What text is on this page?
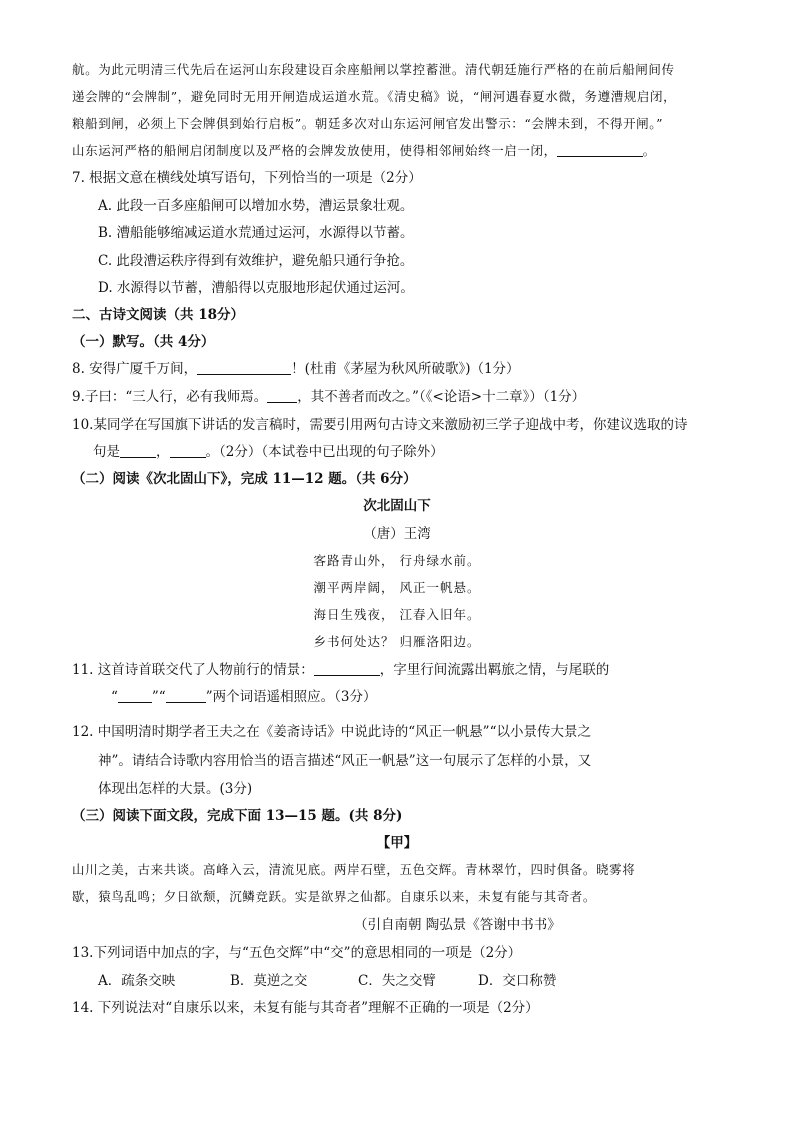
航。为此元明清三代先后在运河山东段建设百余座船闸以掌控蓄泄。清代朝廷施行严格的在前后船闸间传
递会牌的“会牌制”，避免同时无用开闸造成运道水荒。《清史稿》说，“闸河遇春夏水微，务遵漕规启闭，
粮船到闸，必须上下会牌俱到始行启板”。朝廷多次对山东运河闸官发出警示：“会牌未到，不得开闸。”
山东运河严格的船闸启闭制度以及严格的会牌发放使用，使得相邻闸始终一启一闭，	。
7. 根据文意在横线处填写语句，下列恰当的一项是（2分）
A. 此段一百多座船闸可以增加水势，漕运景象壮观。
B. 漕船能够缩减运道水荒通过运河，水源得以节蓄。
C. 此段漕运秩序得到有效维护，避免船只通行争抢。
D. 水源得以节蓄，漕船得以克服地形起伏通过运河。
二、古诗文阅读（共 18分）
（一）默写。（共 4分）
8. 安得广厦千万间，	！(杜甫《茅屋为秋风所破歌》)（1分）
9.子曰：“三人行，必有我师焉。 ，其不善者而改之。”（《<论语>十二章》）（1分）
10.某同学在写国旗下讲话的发言稿时，需要引用两句古诗文来激励初三学子迎战中考，你建议选取的诗
句是	，	。（2分）（本试卷中已出现的句子除外）
（二）阅读《次北固山下》，完成 11—12 题。（共 6分）
次北固山下
（唐）王湾
客路青山外， 行舟绿水前。
潮平两岸阔， 风正一帆悬。
海日生残夜， 江春入旧年。
乡书何处达？ 归雁洛阳边。
11. 这首诗首联交代了人物前行的情景：	，字里行间流露出羁旅之情，与尾联的
“	”“	”两个词语遥相照应。（3分）
12. 中国明清时期学者王夫之在《姜斋诗话》中说此诗的“风正一帆悬”“以小景传大景之
神”。请结合诗歌内容用恰当的语言描述“风正一帆悬”这一句展示了怎样的小景，又
体现出怎样的大景。(3分)
（三）阅读下面文段，完成下面 13—15 题。(共 8分)
【甲】
山川之美，古来共谈。高峰入云，清流见底。两岸石壁，五色交辉。青林翠竹，四时俱备。晓雾将
歇，猿鸟乱鸣；夕日欲颓，沉鳞竞跃。实是欲界之仙都。自康乐以来，未复有能与其奇者。
（引自南朝 陶弘景《答谢中书书》
13.下列词语中加点的字，与“五色交辉”中“交”的意思相同的一项是（2分）
A．疏条交映	B．莫逆之交	C．失之交臂	D．交口称赞
14. 下列说法对“自康乐以来，未复有能与其奇者”理解不正确的一项是（2分）
